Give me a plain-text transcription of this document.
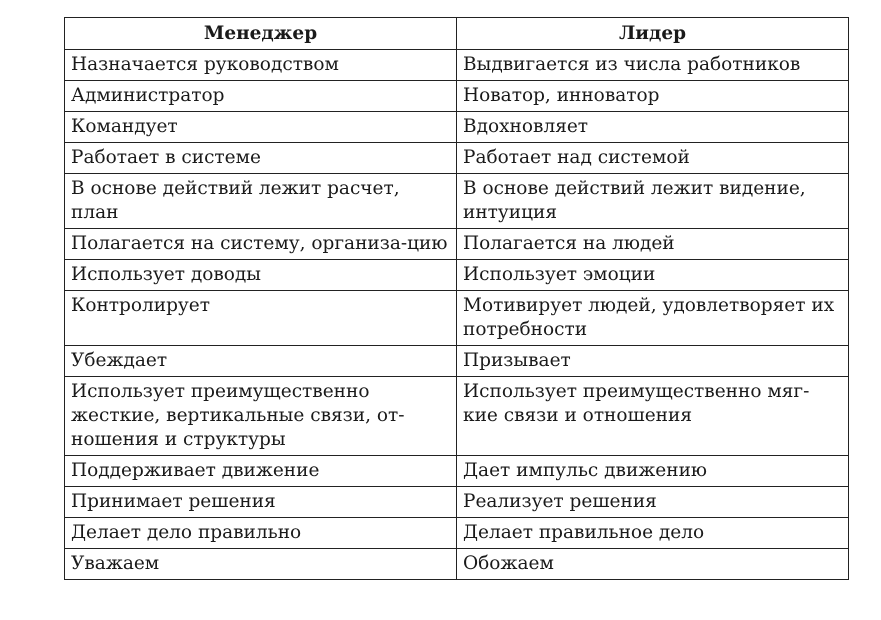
Менеджер	Лидер
Назначается руководством	Выдвигается из числа работников
Администратор	Новатор, инноватор
Командует	Вдохновляет
Работает в системе	Работает над системой
В основе действий лежит расчет, план	В основе действий лежит видение, интуиция
Полагается на систему, организа-цию	Полагается на людей
Использует доводы	Использует эмоции
Контролирует	Мотивирует людей, удовлетворяет их потребности
Убеждает	Призывает
Использует преимущественно жесткие, вертикальные связи, от-ношения и структуры	Использует преимущественно мяг-кие связи и отношения
Поддерживает движение	Дает импульс движению
Принимает решения	Реализует решения
Делает дело правильно	Делает правильное дело
Уважаем	Обожаем
